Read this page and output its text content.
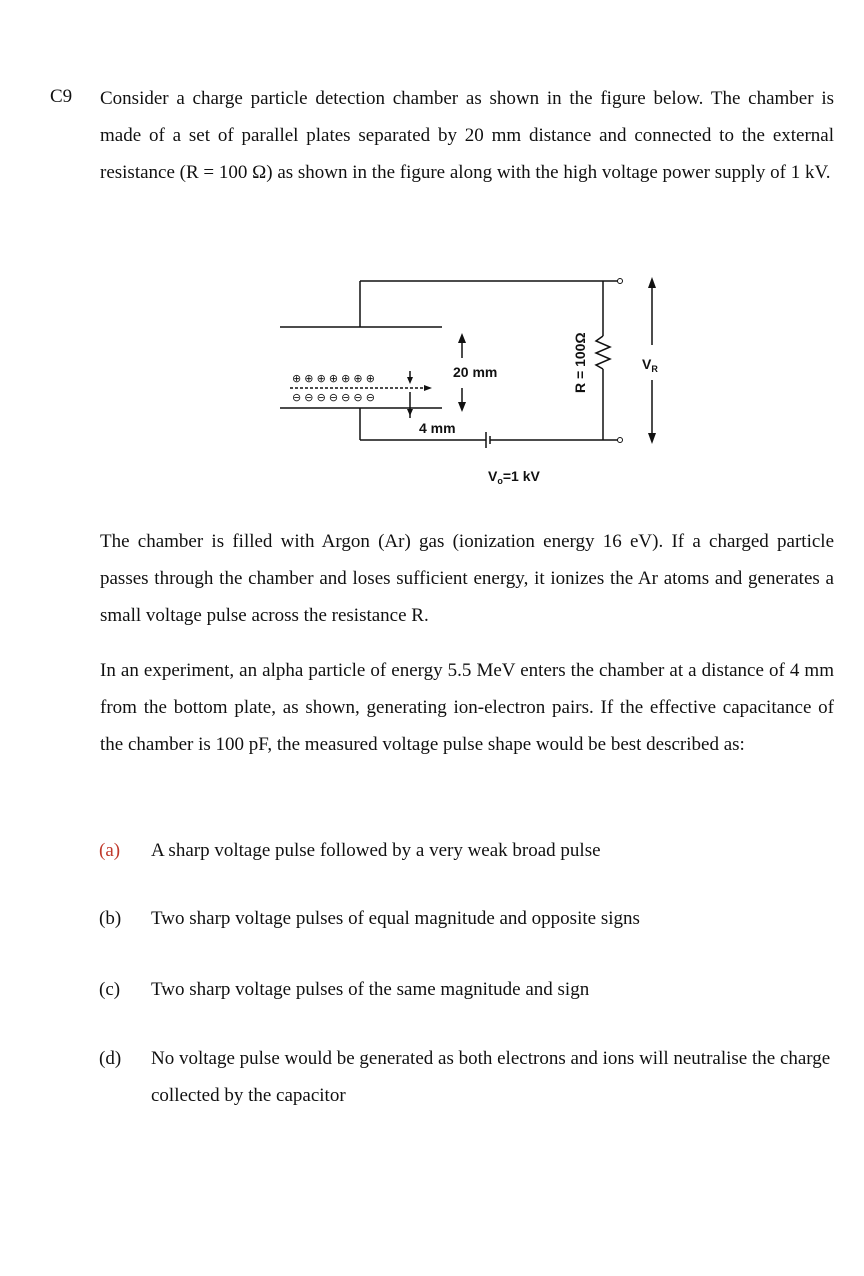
C9 Consider a charge particle detection chamber as shown in the figure below. The chamber is made of a set of parallel plates separated by 20 mm distance and connected to the external resistance (R = 100 Ω) as shown in the figure along with the high voltage power supply of 1 kV.

⊕ ⊕ ⊕ ⊕ ⊕ ⊕ ⊕
⊖ ⊖ ⊖ ⊖ ⊖ ⊖ ⊖
20 mm
4 mm
R = 100Ω	$V_R$
$V_o=1$ kV

The chamber is filled with Argon (Ar) gas (ionization energy 16 eV). If a charged particle passes through the chamber and loses sufficient energy, it ionizes the Ar atoms and generates a small voltage pulse across the resistance R.

In an experiment, an alpha particle of energy 5.5 MeV enters the chamber at a distance of 4 mm from the bottom plate, as shown, generating ion-electron pairs. If the effective capacitance of the chamber is 100 pF, the measured voltage pulse shape would be best described as:

(a) A sharp voltage pulse followed by a very weak broad pulse
(b) Two sharp voltage pulses of equal magnitude and opposite signs
(c) Two sharp voltage pulses of the same magnitude and sign
(d) No voltage pulse would be generated as both electrons and ions will neutralise the charge collected by the capacitor
